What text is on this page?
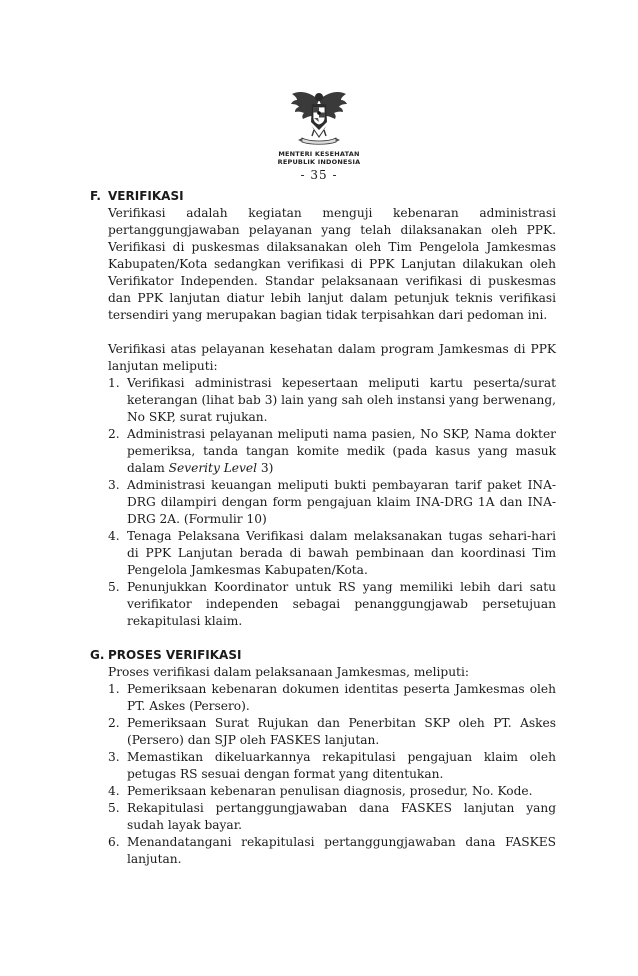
MENTERI KESEHATAN
REPUBLIK INDONESIA
- 35 -
F. VERIFIKASI
Verifikasi adalah kegiatan menguji kebenaran administrasi pertanggungjawaban pelayanan yang telah dilaksanakan oleh PPK. Verifikasi di puskesmas dilaksanakan oleh Tim Pengelola Jamkesmas Kabupaten/Kota sedangkan verifikasi di PPK Lanjutan dilakukan oleh Verifikator Independen. Standar pelaksanaan verifikasi di puskesmas dan PPK lanjutan diatur lebih lanjut dalam petunjuk teknis verifikasi tersendiri yang merupakan bagian tidak terpisahkan dari pedoman ini.
Verifikasi atas pelayanan kesehatan dalam program Jamkesmas di PPK lanjutan meliputi:
1. Verifikasi administrasi kepesertaan meliputi kartu peserta/surat keterangan (lihat bab 3) lain yang sah oleh instansi yang berwenang, No SKP, surat rujukan.
2. Administrasi pelayanan meliputi nama pasien, No SKP, Nama dokter pemeriksa, tanda tangan komite medik (pada kasus yang masuk dalam Severity Level 3)
3. Administrasi keuangan meliputi bukti pembayaran tarif paket INA-DRG dilampiri dengan form pengajuan klaim INA-DRG 1A dan INA-DRG 2A. (Formulir 10)
4. Tenaga Pelaksana Verifikasi dalam melaksanakan tugas sehari-hari di PPK Lanjutan berada di bawah pembinaan dan koordinasi Tim Pengelola Jamkesmas Kabupaten/Kota.
5. Penunjukkan Koordinator untuk RS yang memiliki lebih dari satu verifikator independen sebagai penanggungjawab persetujuan rekapitulasi klaim.
G. PROSES VERIFIKASI
Proses verifikasi dalam pelaksanaan Jamkesmas, meliputi:
1. Pemeriksaan kebenaran dokumen identitas peserta Jamkesmas oleh PT. Askes (Persero).
2. Pemeriksaan Surat Rujukan dan Penerbitan SKP oleh PT. Askes (Persero) dan SJP oleh FASKES lanjutan.
3. Memastikan dikeluarkannya rekapitulasi pengajuan klaim oleh petugas RS sesuai dengan format yang ditentukan.
4. Pemeriksaan kebenaran penulisan diagnosis, prosedur, No. Kode.
5. Rekapitulasi pertanggungjawaban dana FASKES lanjutan yang sudah layak bayar.
6. Menandatangani rekapitulasi pertanggungjawaban dana FASKES lanjutan.
